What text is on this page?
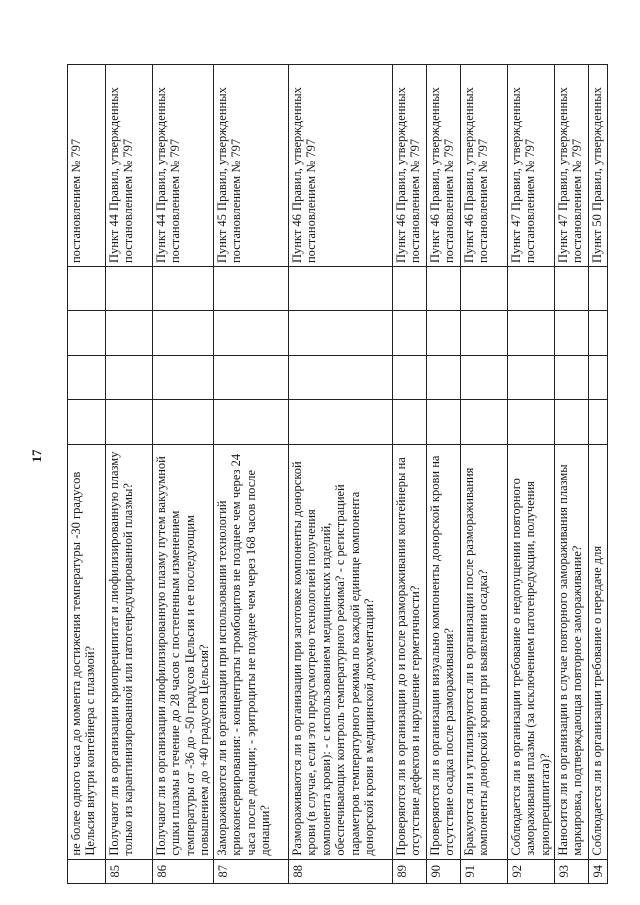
17
	не более одного часа до момента достижения температуры -30 градусов Цельсия внутри контейнера с плазмой?					постановлением № 797
85	Получают ли в организации криопреципитат и лиофилизированную плазму только из карантинизированной или патогенредуцированной плазмы?					Пункт 44 Правил, утвержденных постановлением № 797
86	Получают ли в организации лиофилизированную плазму путем вакуумной сушки плазмы в течение до 28 часов с постепенным изменением температуры от -36 до -50 градусов Цельсия и ее последующим повышением до +40 градусов Цельсия?					Пункт 44 Правил, утвержденных постановлением № 797
87	Замораживаются ли в организации при использовании технологий криоконсервирования: - концентраты тромбоцитов не позднее чем через 24 часа после донации; - эритроциты не позднее чем через 168 часов после донации?					Пункт 45 Правил, утвержденных постановлением № 797
88	Размораживаются ли в организации при заготовке компоненты донорской крови (в случае, если это предусмотрено технологией получения компонента крови): - с использованием медицинских изделий, обеспечивающих контроль температурного режима? - с регистрацией параметров температурного режима по каждой единице компонента донорской крови в медицинской документации?					Пункт 46 Правил, утвержденных постановлением № 797
89	Проверяются ли в организации до и после размораживания контейнеры на отсутствие дефектов и нарушение герметичности?					Пункт 46 Правил, утвержденных постановлением № 797
90	Проверяются ли в организации визуально компоненты донорской крови на отсутствие осадка после размораживания?					Пункт 46 Правил, утвержденных постановлением № 797
91	Бракуются ли и утилизируются ли в организации после размораживания компоненты донорской крови при выявлении осадка?					Пункт 46 Правил, утвержденных постановлением № 797
92	Соблюдается ли в организации требование о недопущении повторного замораживания плазмы (за исключением патогенредукции, получения криопреципитата)?					Пункт 47 Правил, утвержденных постановлением № 797
93	Наносится ли в организации в случае повторного замораживания плазмы маркировка, подтверждающая повторное замораживание?					Пункт 47 Правил, утвержденных постановлением № 797
94	Соблюдается ли в организации требование о передаче для					Пункт 50 Правил, утвержденных
